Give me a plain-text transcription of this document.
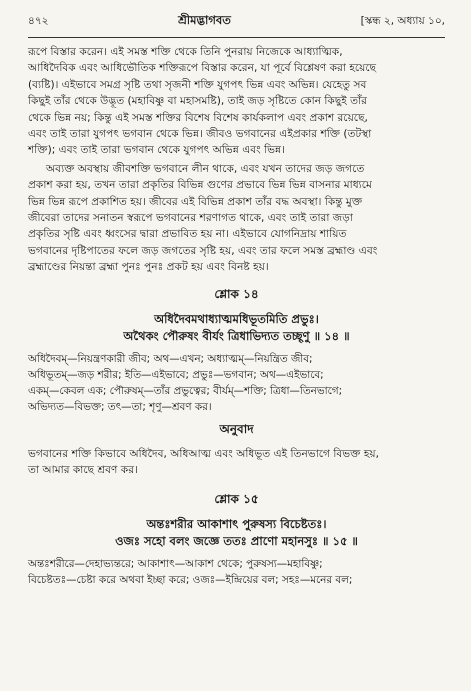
৪৭২	শ্রীমদ্ভাগবত	[স্কন্ধ ২, অধ্যায় ১০,

রূপে বিস্তার করেন। এই সমস্ত শক্তি থেকে তিনি পুনরায় নিজেকে আধ্যাত্মিক,

আধিদৈবিক এবং আধিভৌতিক শক্তিরূপে বিস্তার করেন, যা পূর্বে বিশ্লেষণ করা হয়েছে

(ব্যষ্টি)। এইভাবে সমগ্র সৃষ্টি তথা সৃজনী শক্তি যুগপৎ ভিন্ন এবং অভিন্ন। যেহেতু সব

কিছুই তাঁর থেকে উদ্ভূত (মহাবিষ্ণু বা মহাসমষ্টি), তাই জড় সৃষ্টিতে কোন কিছুই তাঁর

থেকে ভিন্ন নয়; কিন্তু এই সমস্ত শক্তির বিশেষ বিশেষ কার্যকলাপ এবং প্রকাশ রয়েছে,

এবং তাই তারা যুগপৎ ভগবান থেকে ভিন্ন। জীবও ভগবানের এইপ্রকার শক্তি (তটস্থা

শক্তি); এবং তাই তারা ভগবান থেকে যুগপৎ অভিন্ন এবং ভিন্ন।

অব্যক্ত অবস্থায় জীবশক্তি ভগবানে লীন থাকে, এবং যখন তাদের জড় জগতে

প্রকাশ করা হয়, তখন তারা প্রকৃতির বিভিন্ন গুণের প্রভাবে ভিন্ন ভিন্ন বাসনার মাধ্যমে

ভিন্ন ভিন্ন রূপে প্রকাশিত হয়। জীবের এই বিভিন্ন প্রকাশ তাঁর বদ্ধ অবস্থা। কিন্তু মুক্ত

জীবেরা তাদের সনাতন স্বরূপে ভগবানের শরণাগত থাকে, এবং তাই তারা জড়া

প্রকৃতির সৃষ্টি এবং ধ্বংসের দ্বারা প্রভাবিত হয় না। এইভাবে যোগনিদ্রায় শায়িত

ভগবানের দৃষ্টিপাতের ফলে জড় জগতের সৃষ্টি হয়, এবং তার ফলে সমস্ত ব্রহ্মাণ্ড এবং

ব্রহ্মাণ্ডের নিয়ন্তা ব্রহ্মা পুনঃ পুনঃ প্রকট হয় এবং বিনষ্ট হয়।

শ্লোক ১৪
অধিদৈবমথাধ্যাত্মমধিভূতমিতি প্রভুঃ।
অথৈকং পৌরুষং বীর্যং ত্রিধাভিদ্যত তচ্ছৃণু ॥ ১৪ ॥
অধিদৈবম্—নিয়ন্ত্রণকারী জীব; অথ—এখন; অধ্যাত্মম্—নিয়ন্ত্রিত জীব;
অধিভূতম্—জড় শরীর; ইতি—এইভাবে; প্রভুঃ—ভগবান; অথ—এইভাবে;
একম্—কেবল এক; পৌরুষম্—তাঁর প্রভুত্বের; বীর্যম্—শক্তি; ত্রিধা—তিনভাগে;
অভিদ্যত—বিভক্ত; তৎ—তা; শৃণু—শ্রবণ কর।
অনুবাদ
ভগবানের শক্তি কিভাবে অধিদৈব, অধিআত্ম এবং অধিভূত এই তিনভাগে বিভক্ত হয়,
তা আমার কাছে শ্রবণ কর।
শ্লোক ১৫
অন্তঃশরীর আকাশাৎ পুরুষস্য বিচেষ্টতঃ।
ওজঃ সহো বলং জজ্ঞে ততঃ প্রাণো মহানসুঃ ॥ ১৫ ॥
অন্তঃশরীরে—দেহাভ্যন্তরে; আকাশাৎ—আকাশ থেকে; পুরুষস্য—মহাবিষ্ণু;
বিচেষ্টতঃ—চেষ্টা করে অথবা ইচ্ছা করে; ওজঃ—ইন্দ্রিয়ের বল; সহঃ—মনের বল;
